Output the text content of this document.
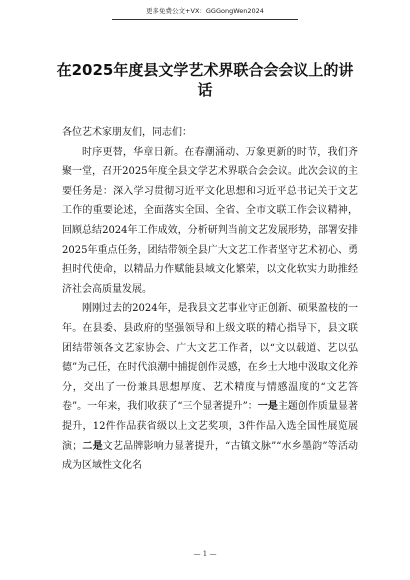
更多免费公文+VX：GGGongWen2024
在2025年度县文学艺术界联合会会议上的讲话

各位艺术家朋友们，同志们：

时序更替，华章日新。在春潮涌动、万象更新的时节，我们齐聚一堂，召开2025年度全县文学艺术界联合会会议。此次会议的主要任务是：深入学习贯彻习近平文化思想和习近平总书记关于文艺工作的重要论述，全面落实全国、全省、全市文联工作会议精神，回顾总结2024年工作成效，分析研判当前文艺发展形势，部署安排2025年重点任务，团结带领全县广大文艺工作者坚守艺术初心、勇担时代使命，以精品力作赋能县域文化繁荣，以文化软实力助推经济社会高质量发展。

刚刚过去的2024年，是我县文艺事业守正创新、硕果盈枝的一年。在县委、县政府的坚强领导和上级文联的精心指导下，县文联团结带领各文艺家协会、广大文艺工作者，以“文以载道、艺以弘德”为己任，在时代浪潮中捕捉创作灵感，在乡土大地中汲取文化养分，交出了一份兼具思想厚度、艺术精度与情感温度的“文艺答卷”。一年来，我们收获了“三个显著提升”：一是主题创作质量显著提升，12件作品获省级以上文艺奖项，3件作品入选全国性展览展演；二是文艺品牌影响力显著提升，“古镇文脉”“水乡墨韵”等活动成为区域性文化名

— 1 —
